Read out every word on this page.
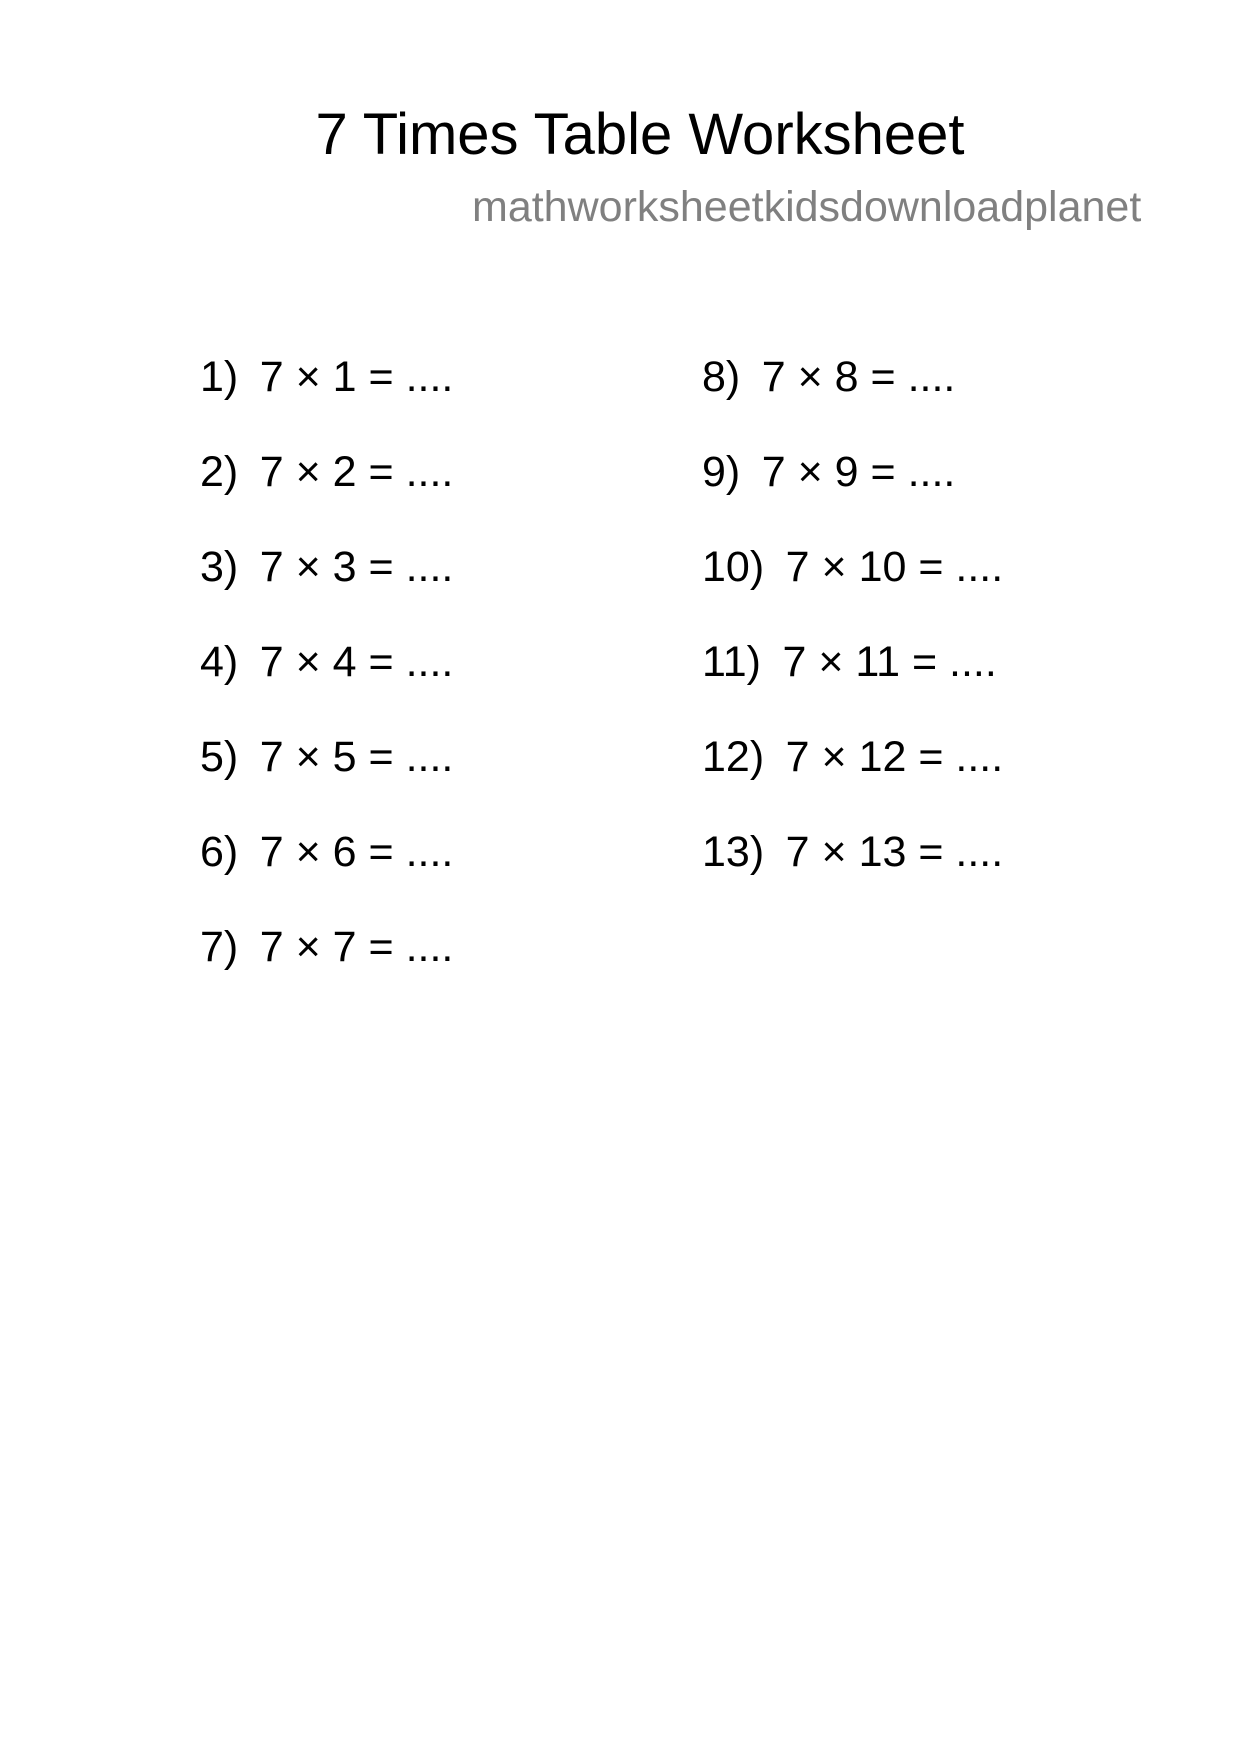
7 Times Table Worksheet
mathworksheetkidsdownloadplanet
1) 7 × 1 = ....
2) 7 × 2 = ....
3) 7 × 3 = ....
4) 7 × 4 = ....
5) 7 × 5 = ....
6) 7 × 6 = ....
7) 7 × 7 = ....
8) 7 × 8 = ....
9) 7 × 9 = ....
10) 7 × 10 = ....
11) 7 × 11 = ....
12) 7 × 12 = ....
13) 7 × 13 = ....
